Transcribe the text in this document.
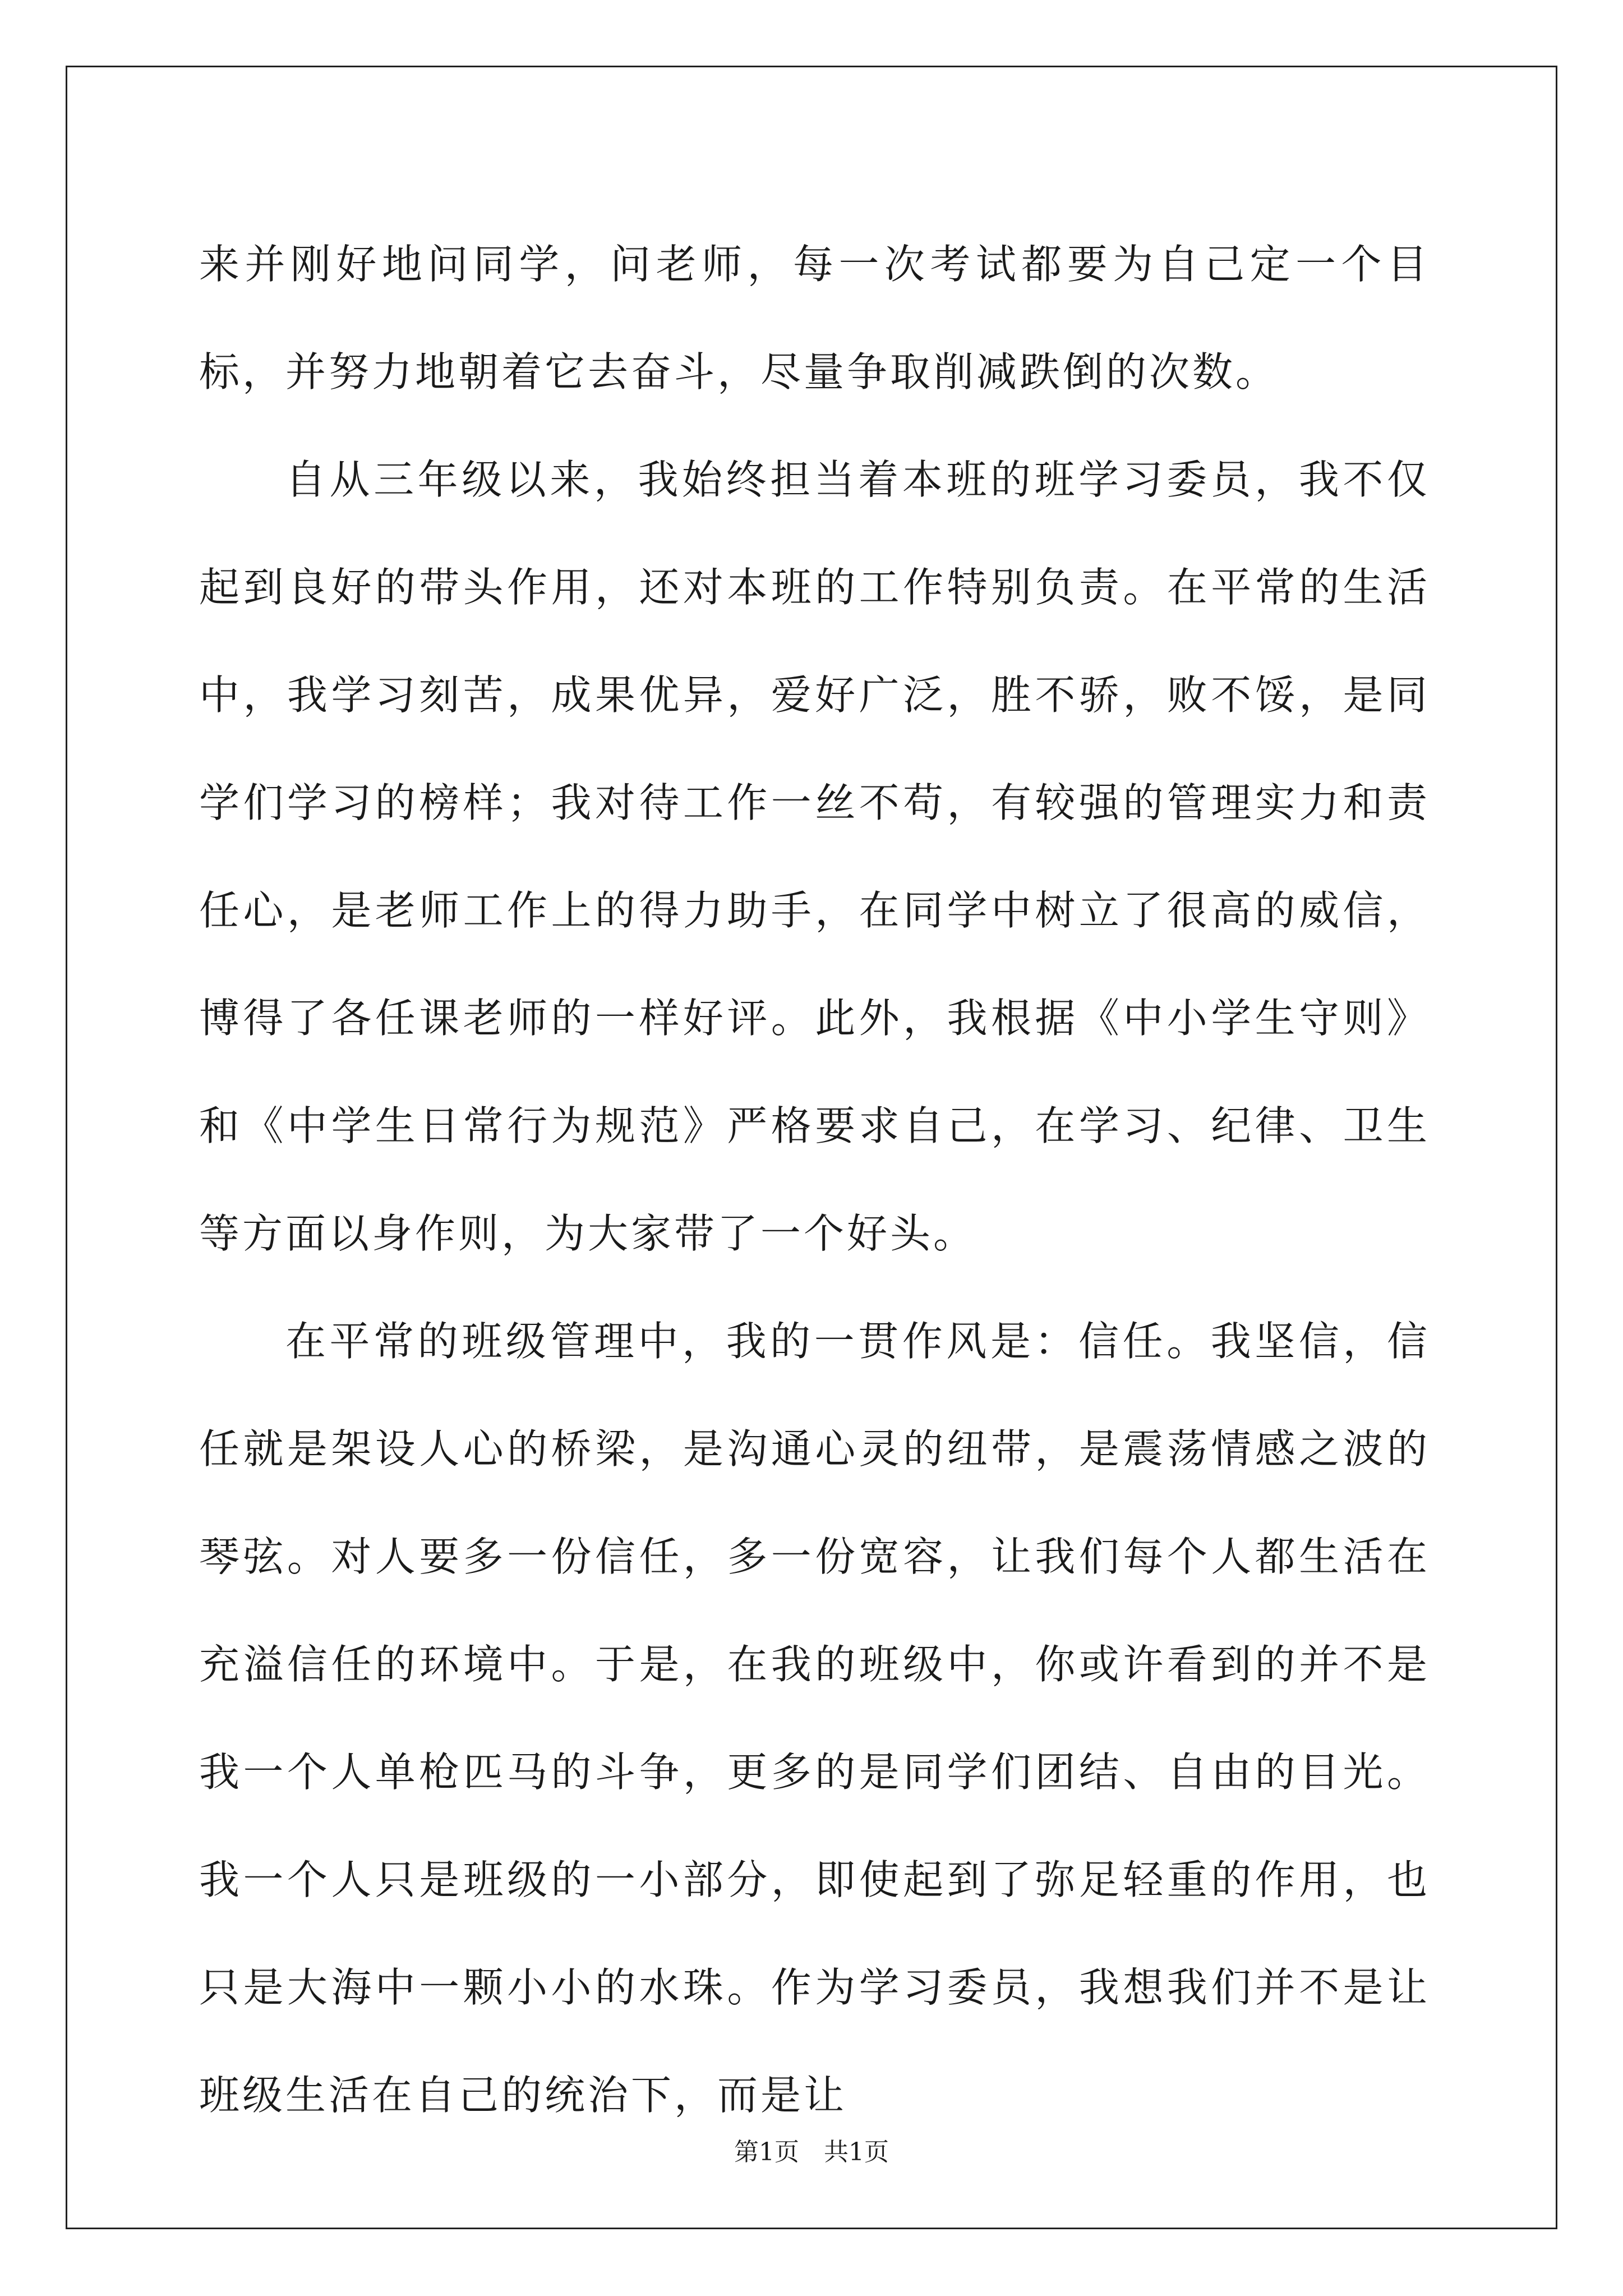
来并刚好地问同学，问老师，每一次考试都要为自己定一个目标，并努力地朝着它去奋斗，尽量争取削减跌倒的次数。

自从三年级以来，我始终担当着本班的班学习委员，我不仅起到良好的带头作用，还对本班的工作特别负责。在平常的生活中，我学习刻苦，成果优异，爱好广泛，胜不骄，败不馁，是同学们学习的榜样；我对待工作一丝不苟，有较强的管理实力和责任心，是老师工作上的得力助手，在同学中树立了很高的威信，博得了各任课老师的一样好评。此外，我根据《中小学生守则》和《中学生日常行为规范》严格要求自己，在学习、纪律、卫生等方面以身作则，为大家带了一个好头。

在平常的班级管理中，我的一贯作风是：信任。我坚信，信任就是架设人心的桥梁，是沟通心灵的纽带，是震荡情感之波的琴弦。对人要多一份信任，多一份宽容，让我们每个人都生活在充溢信任的环境中。于是，在我的班级中，你或许看到的并不是我一个人单枪匹马的斗争，更多的是同学们团结、自由的目光。我一个人只是班级的一小部分，即使起到了弥足轻重的作用，也只是大海中一颗小小的水珠。作为学习委员，我想我们并不是让班级生活在自己的统治下，而是让

第1页 共1页
